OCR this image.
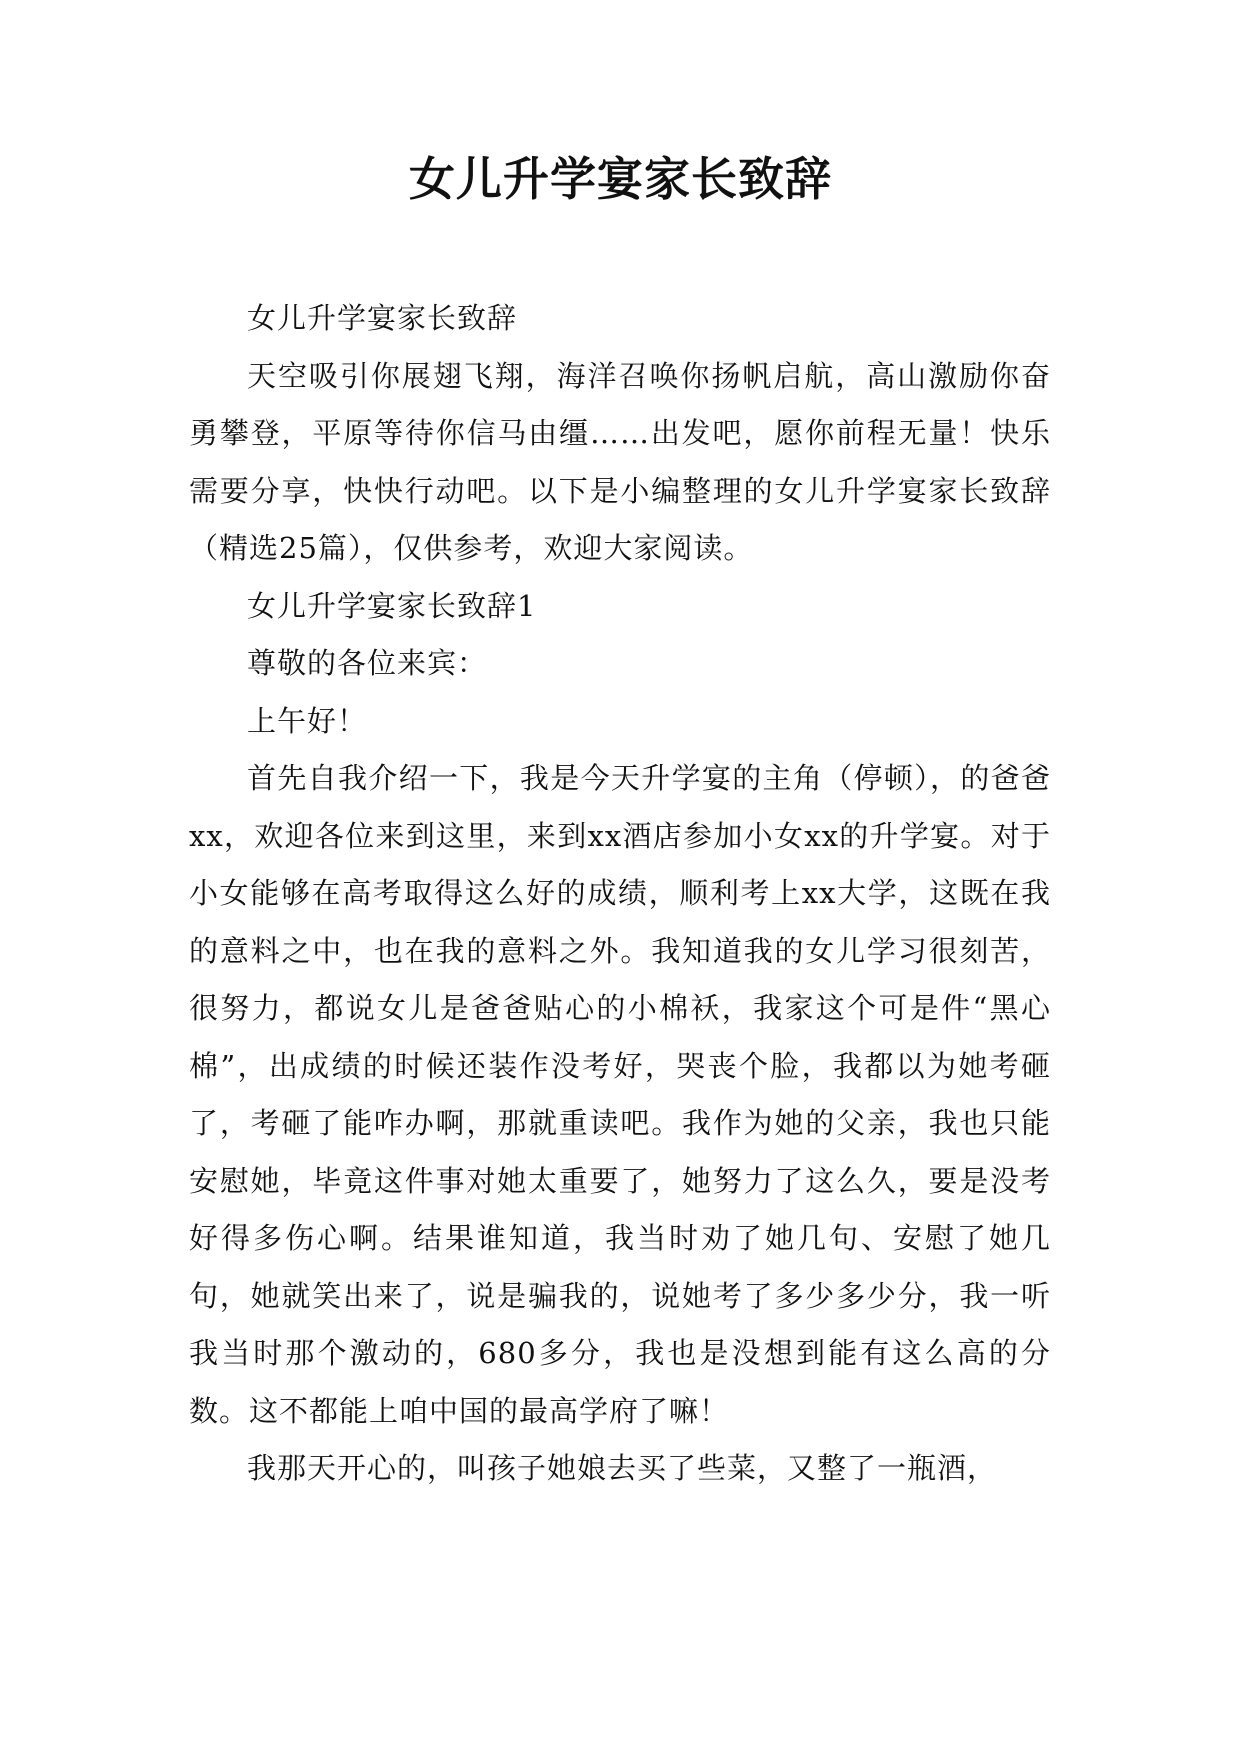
女儿升学宴家长致辞

女儿升学宴家长致辞

天空吸引你展翅飞翔，海洋召唤你扬帆启航，高山激励你奋勇攀登，平原等待你信马由缰……出发吧，愿你前程无量！快乐需要分享，快快行动吧。以下是小编整理的女儿升学宴家长致辞（精选25篇），仅供参考，欢迎大家阅读。

女儿升学宴家长致辞1

尊敬的各位来宾：

上午好！

首先自我介绍一下，我是今天升学宴的主角（停顿），的爸爸xx，欢迎各位来到这里，来到xx酒店参加小女xx的升学宴。对于小女能够在高考取得这么好的成绩，顺利考上xx大学，这既在我的意料之中，也在我的意料之外。我知道我的女儿学习很刻苦，很努力，都说女儿是爸爸贴心的小棉袄，我家这个可是件“黑心棉”，出成绩的时候还装作没考好，哭丧个脸，我都以为她考砸了，考砸了能咋办啊，那就重读吧。我作为她的父亲，我也只能安慰她，毕竟这件事对她太重要了，她努力了这么久，要是没考好得多伤心啊。结果谁知道，我当时劝了她几句、安慰了她几句，她就笑出来了，说是骗我的，说她考了多少多少分，我一听我当时那个激动的，680多分，我也是没想到能有这么高的分数。这不都能上咱中国的最高学府了嘛！

我那天开心的，叫孩子她娘去买了些菜，又整了一瓶酒，
